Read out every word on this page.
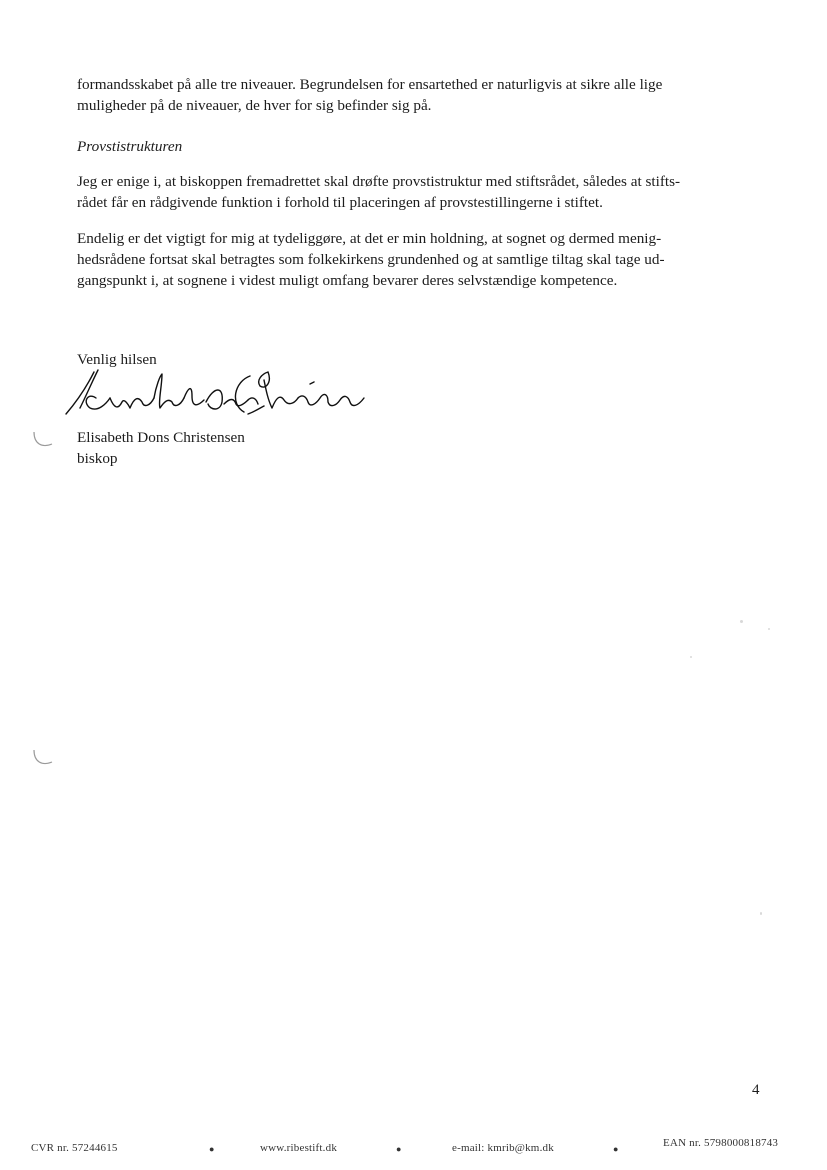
formandsskabet på alle tre niveauer. Begrundelsen for ensartethed er naturligvis at sikre alle lige
muligheder på de niveauer, de hver for sig befinder sig på.

Provstistrukturen

Jeg er enige i, at biskoppen fremadrettet skal drøfte provstistruktur med stiftsrådet, således at stifts-
rådet får en rådgivende funktion i forhold til placeringen af provstestillingerne i stiftet.

Endelig er det vigtigt for mig at tydeliggøre, at det er min holdning, at sognet og dermed menig-
hedsrådene fortsat skal betragtes som folkekirkens grundenhed og at samtlige tiltag skal tage ud-
gangspunkt i, at sognene i videst muligt omfang bevarer deres selvstændige kompetence.

Venlig hilsen

Elisabeth Dons Christensen
biskop
4
CVR nr. 57244615	●	www.ribestift.dk	●	e-mail: kmrib@km.dk	●	EAN nr. 5798000818743
